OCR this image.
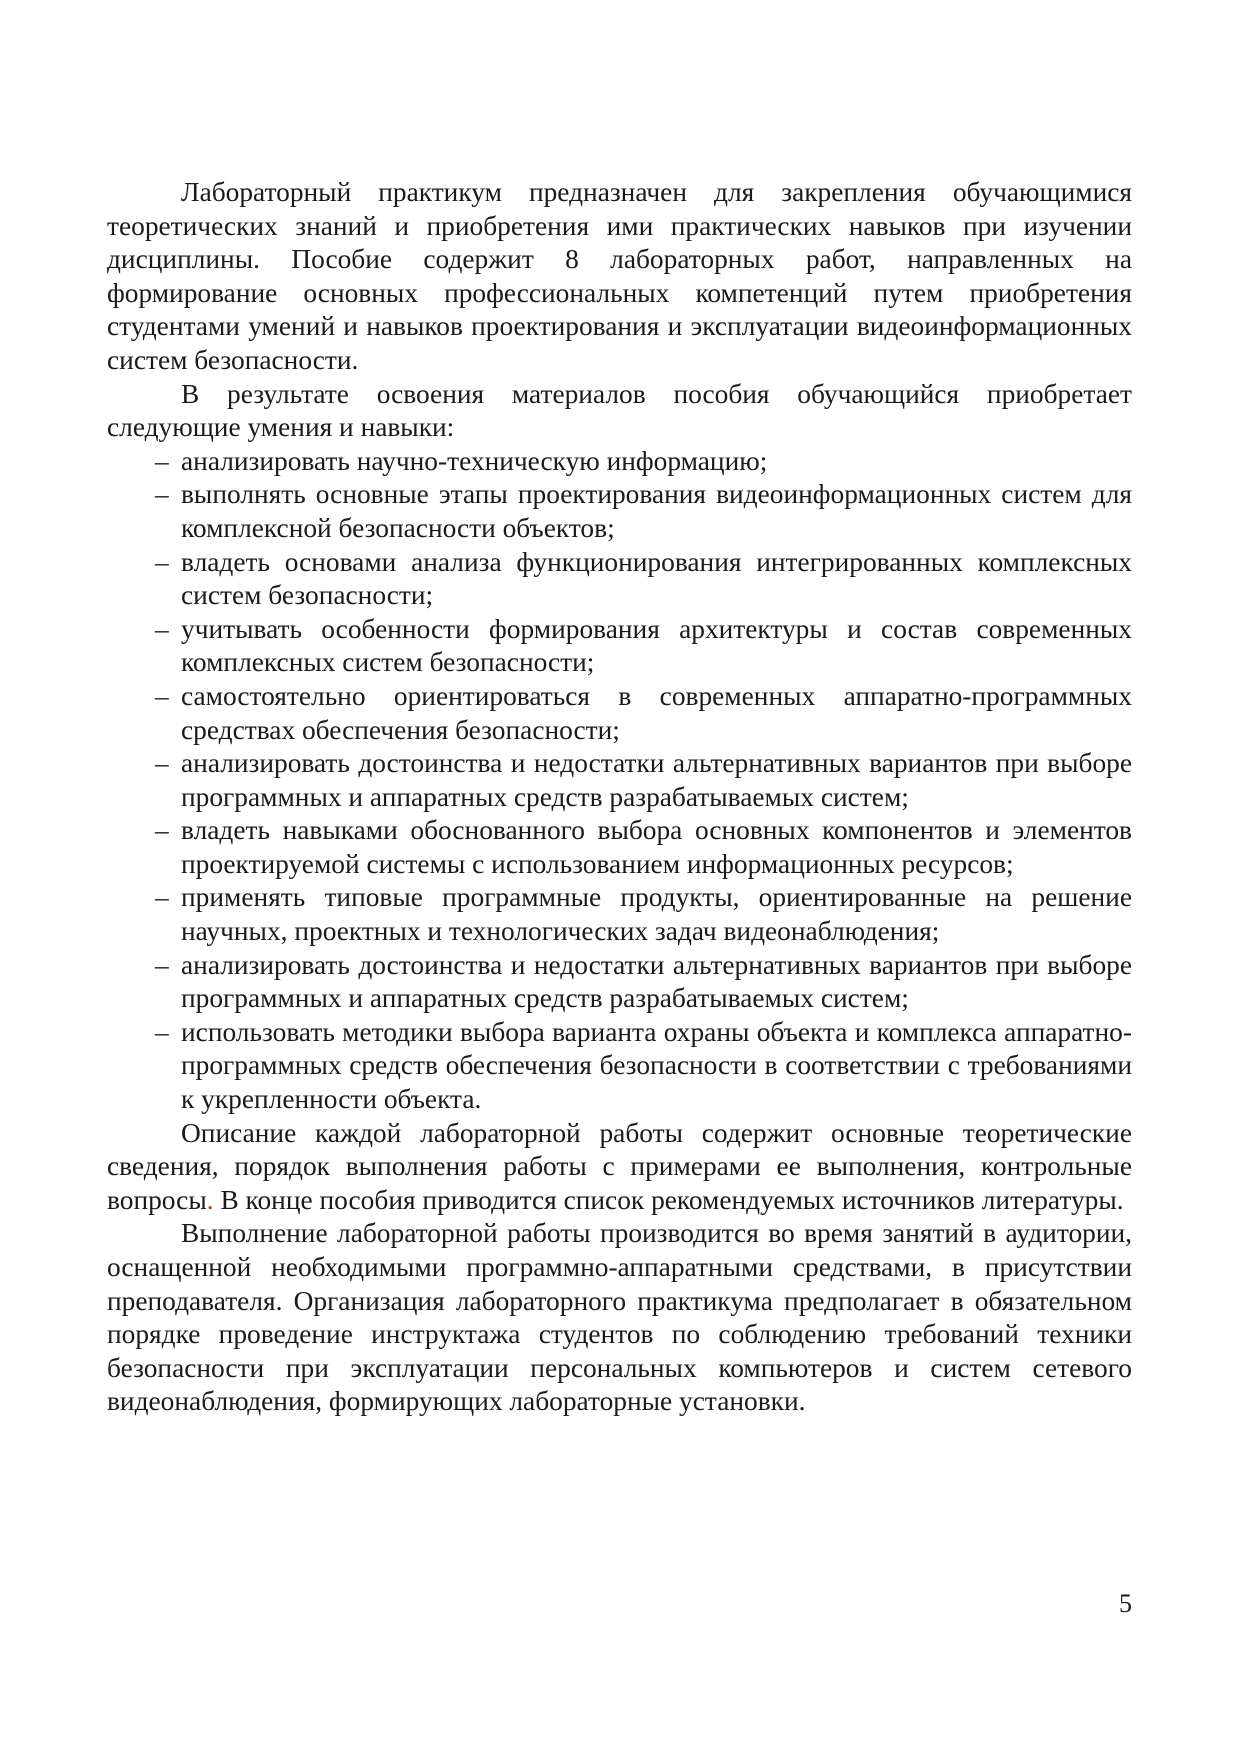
Лабораторный практикум предназначен для закрепления обучающимися теоретических знаний и приобретения ими практических навыков при изучении дисциплины. Пособие содержит 8 лабораторных работ, направленных на формирование основных профессиональных компетенций путем приобретения студентами умений и навыков проектирования и эксплуатации видеоинформационных систем безопасности.

В результате освоения материалов пособия обучающийся приобретает следующие умения и навыки:

– анализировать научно-техническую информацию;
– выполнять основные этапы проектирования видеоинформационных систем для комплексной безопасности объектов;
– владеть основами анализа функционирования интегрированных комплексных систем безопасности;
– учитывать особенности формирования архитектуры и состав современных комплексных систем безопасности;
– самостоятельно ориентироваться в современных аппаратно-программных средствах обеспечения безопасности;
– анализировать достоинства и недостатки альтернативных вариантов при выборе программных и аппаратных средств разрабатываемых систем;
– владеть навыками обоснованного выбора основных компонентов и элементов проектируемой системы с использованием информационных ресурсов;
– применять типовые программные продукты, ориентированные на решение научных, проектных и технологических задач видеонаблюдения;
– анализировать достоинства и недостатки альтернативных вариантов при выборе программных и аппаратных средств разрабатываемых систем;
– использовать методики выбора варианта охраны объекта и комплекса аппаратно-программных средств обеспечения безопасности в соответствии с требованиями к укрепленности объекта.

Описание каждой лабораторной работы содержит основные теоретические сведения, порядок выполнения работы с примерами ее выполнения, контрольные вопросы. В конце пособия приводится список рекомендуемых источников литературы.

Выполнение лабораторной работы производится во время занятий в аудитории, оснащенной необходимыми программно-аппаратными средствами, в присутствии преподавателя. Организация лабораторного практикума предполагает в обязательном порядке проведение инструктажа студентов по соблюдению требований техники безопасности при эксплуатации персональных компьютеров и систем сетевого видеонаблюдения, формирующих лабораторные установки.

5
